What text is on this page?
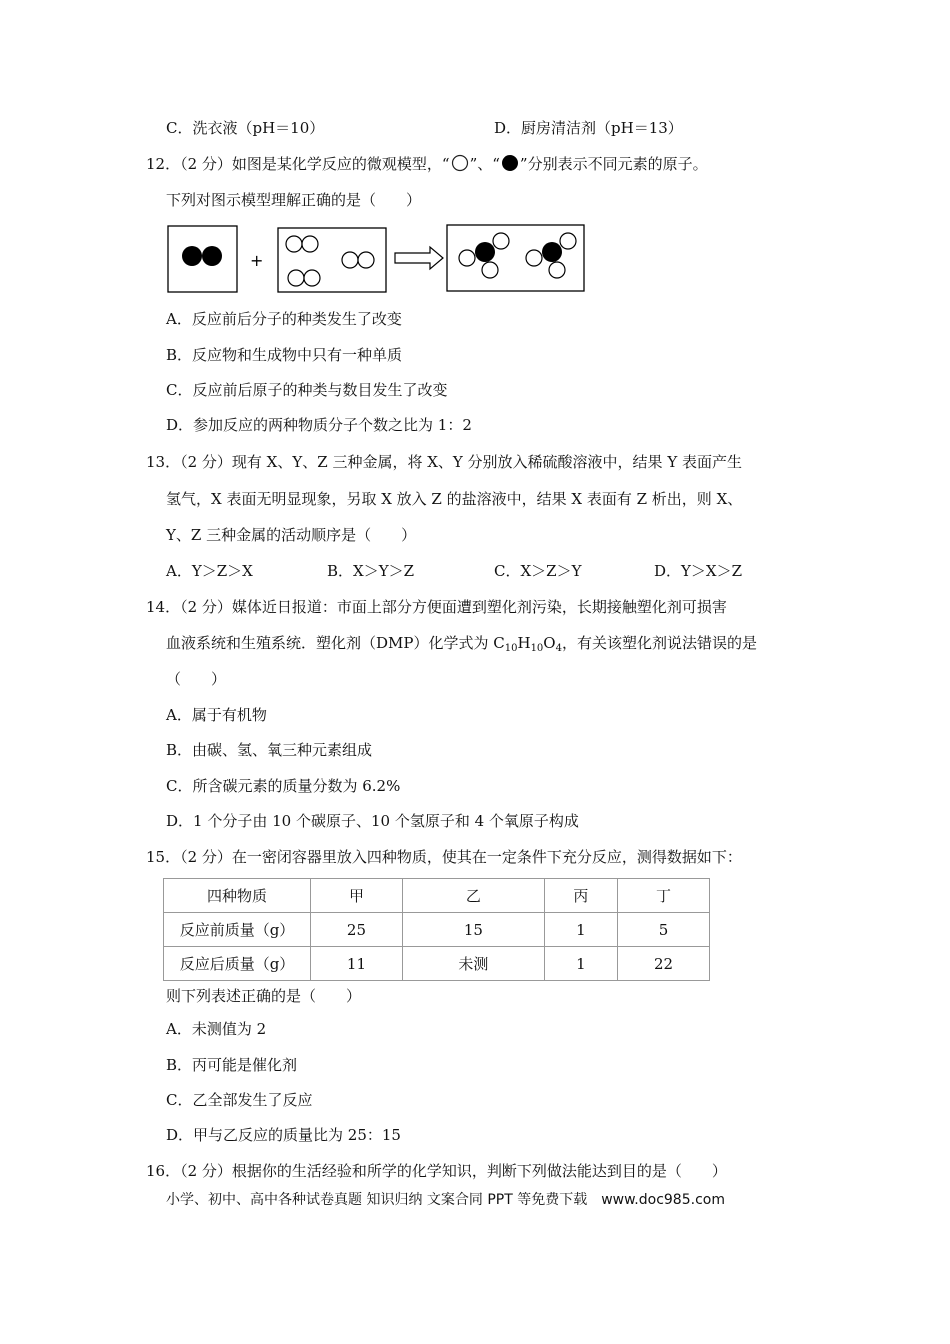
C．洗衣液（pH＝10）	D．厨房清洁剂（pH＝13）
12．（2 分）如图是某化学反应的微观模型，“ ”、“ ”分别表示不同元素的原子。
下列对图示模型理解正确的是（　　）
+
A．反应前后分子的种类发生了改变
B．反应物和生成物中只有一种单质
C．反应前后原子的种类与数目发生了改变
D．参加反应的两种物质分子个数之比为 1：2
13．（2 分）现有 X、Y、Z 三种金属，将 X、Y 分别放入稀硫酸溶液中，结果 Y 表面产生
氢气，X 表面无明显现象，另取 X 放入 Z 的盐溶液中，结果 X 表面有 Z 析出，则 X、
Y、Z 三种金属的活动顺序是（　　）
A．Y＞Z＞X	B．X＞Y＞Z	C．X＞Z＞Y	D．Y＞X＞Z
14．（2 分）媒体近日报道：市面上部分方便面遭到塑化剂污染，长期接触塑化剂可损害
血液系统和生殖系统．塑化剂（DMP）化学式为 $C_{10}H_{10}O_4$，有关该塑化剂说法错误的是
（　　）
A．属于有机物
B．由碳、氢、氧三种元素组成
C．所含碳元素的质量分数为 6.2%
D．1 个分子由 10 个碳原子、10 个氢原子和 4 个氧原子构成
15．（2 分）在一密闭容器里放入四种物质，使其在一定条件下充分反应，测得数据如下：
四种物质	甲	乙	丙	丁
反应前质量（g）	25	15	1	5
反应后质量（g）	11	未测	1	22
则下列表述正确的是（　　）
A．未测值为 2
B．丙可能是催化剂
C．乙全部发生了反应
D．甲与乙反应的质量比为 25：15
16．（2 分）根据你的生活经验和所学的化学知识，判断下列做法能达到目的是（　　）
小学、初中、高中各种试卷真题 知识归纳 文案合同 PPT 等免费下载　www.doc985.com
